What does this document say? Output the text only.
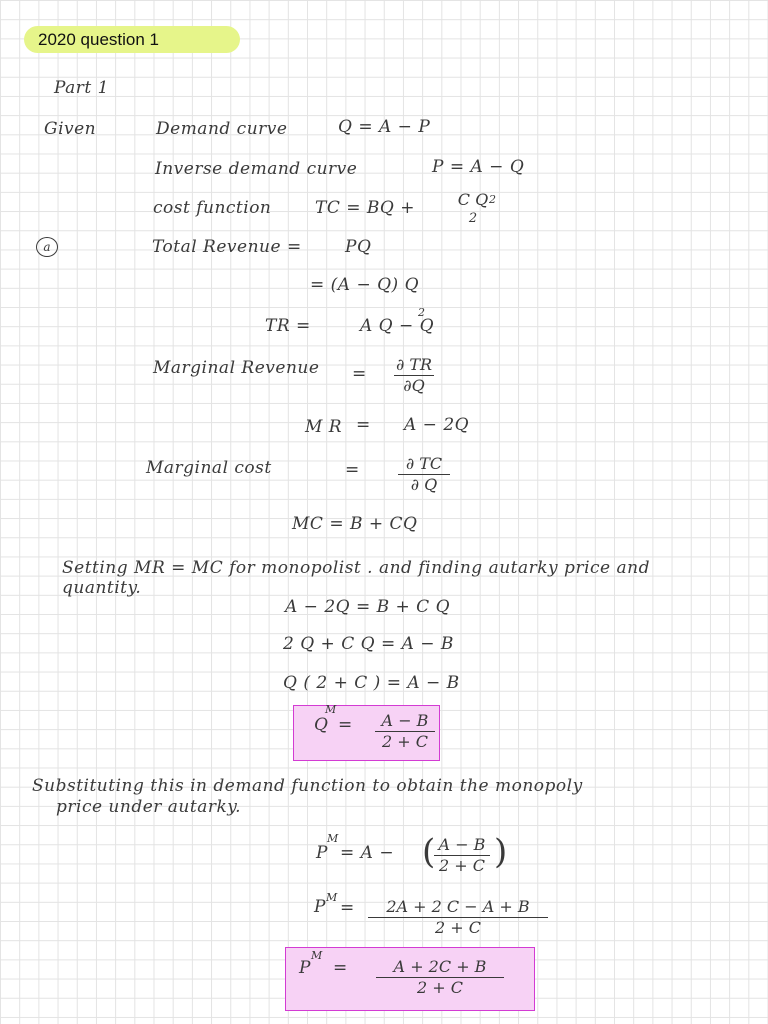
2020 question 1
Part 1
Given	Demand curve	Q = A − P
Inverse demand curve	P = A − Q
cost function	TC = BQ +	C Q
2
2
a	Total Revenue =	PQ
= (A − Q) Q
TR =	A Q − Q
2
Marginal Revenue = ∂ TR
∂Q
M R = A − 2Q
Marginal cost	=	∂ TC
∂ Q
MC = B + CQ
Setting MR = MC for monopolist . and finding autarky price and
quantity.
A − 2Q = B + C Q
2 Q + C Q = A − B
Q ( 2 + C ) = A − B
Q
M
=	A − B
2 + C
Substituting this in demand function to obtain the monopoly
price under autarky.
P
M
= A − ( A − B
2 + C )
P M
=	2A + 2 C − A + B
2 + C
P
M
=	A + 2C + B
2 + C
